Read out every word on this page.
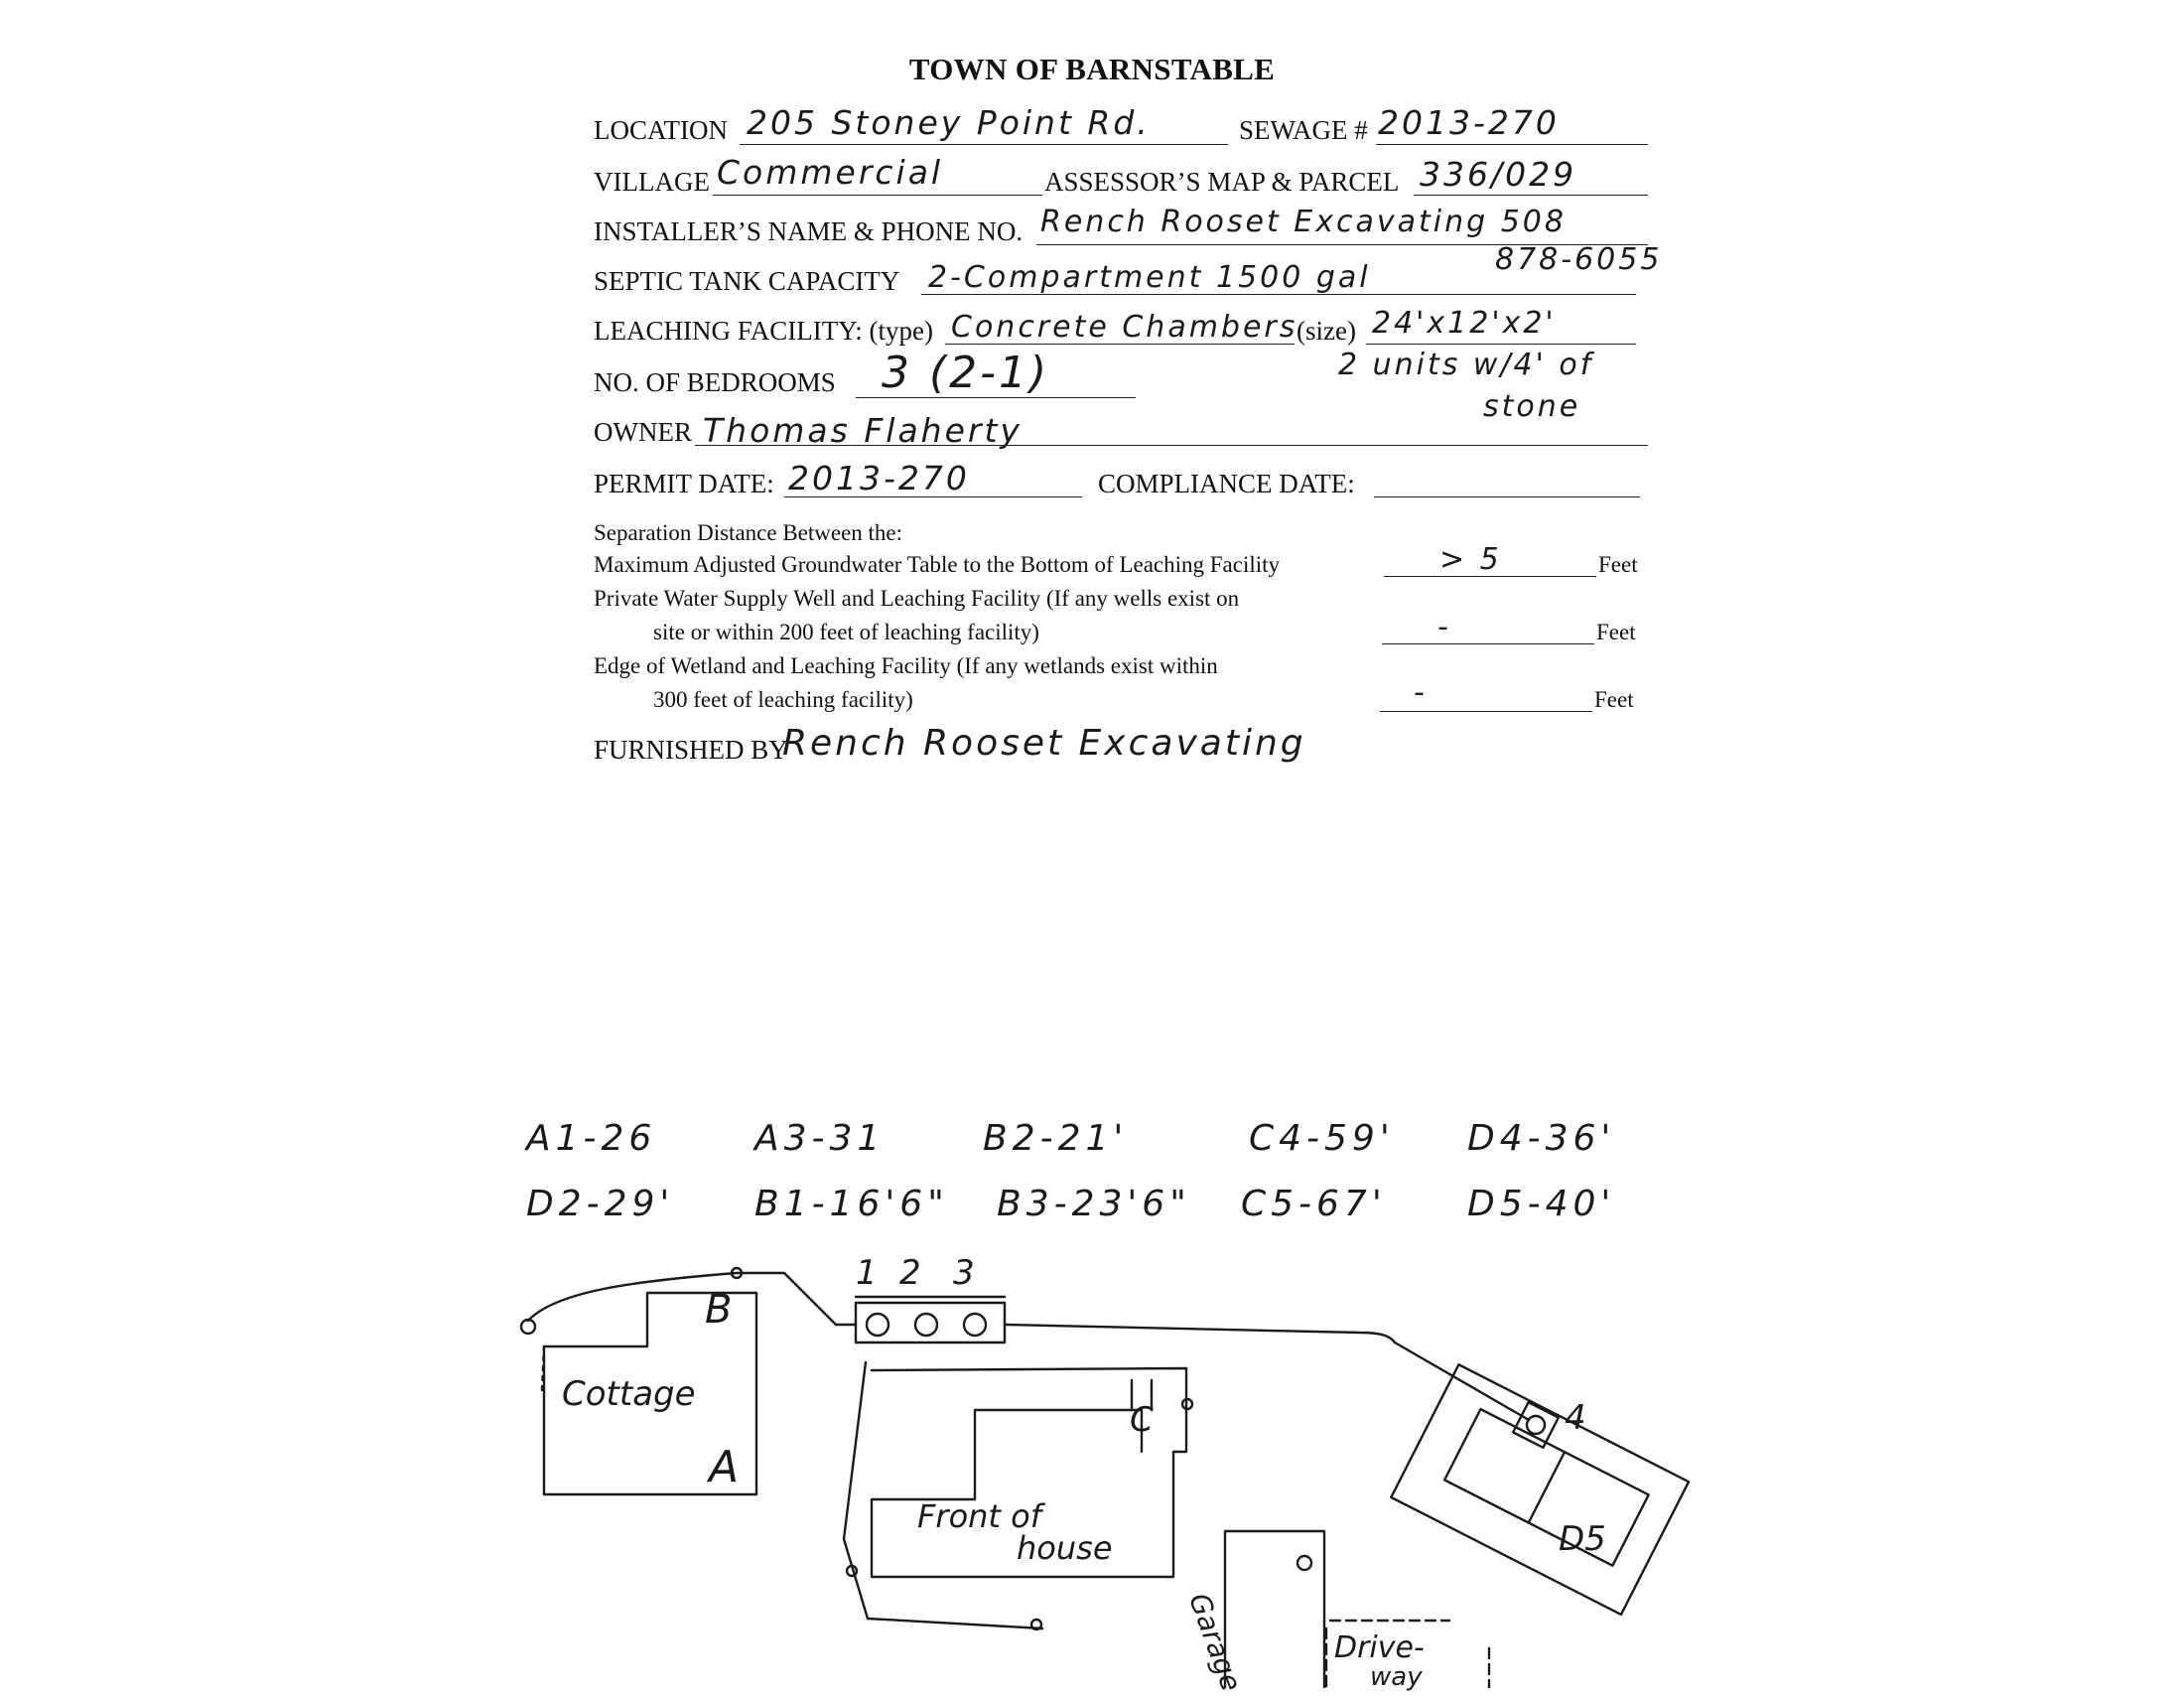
TOWN OF BARNSTABLE
LOCATION 205 Stoney Point Rd.	SEWAGE # 2013-270
VILLAGE Commercial	ASSESSOR’S MAP & PARCEL 336/029
INSTALLER’S NAME & PHONE NO. Rench Rooset Excavating 508
878-6055
SEPTIC TANK CAPACITY 2-Compartment 1500 gal
LEACHING FACILITY: (type) Concrete Chambers
(size) 24'x12'x2'
2 units w/4' of
stone
NO. OF BEDROOMS 3 (2-1)
OWNER Thomas Flaherty
PERMIT DATE: 2013-270	COMPLIANCE DATE:
Separation Distance Between the:
Maximum Adjusted Groundwater Table to the Bottom of Leaching Facility	> 5	Feet
Private Water Supply Well and Leaching Facility (If any wells exist on
site or within 200 feet of leaching facility)	-	Feet
Edge of Wetland and Leaching Facility (If any wetlands exist within
300 feet of leaching facility)	-	Feet
FURNISHED BY
Rench Rooset Excavating
A1-26	A3-31	B2-21'	C4-59' D4-36'
D2-29' B1-16'6" B3-23'6" C5-67' D5-40'
Cottage
A
B
1 2 3
Front of
house
C
Garage	Drive-
way
4
D5
